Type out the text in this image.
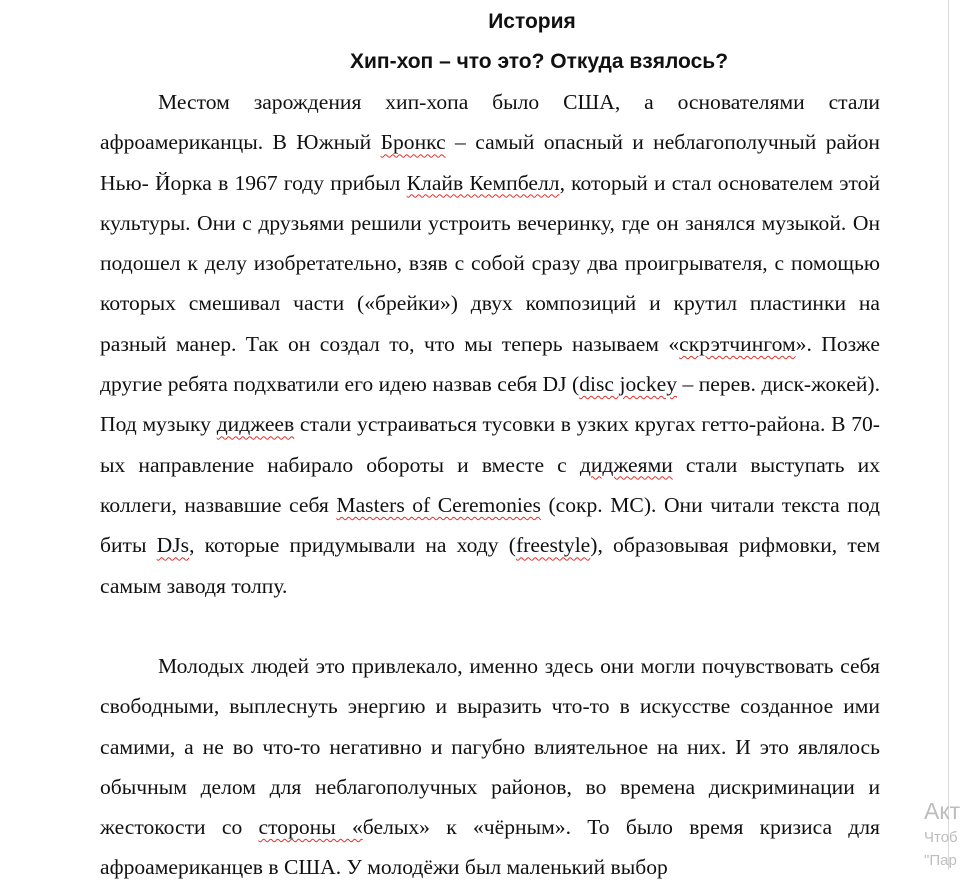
История

Хип-хоп – что это? Откуда взялось?

Местом зарождения хип-хопа было США, а основателями стали афроамериканцы. В Южный Бронкс – самый опасный и неблагополучный район Нью- Йорка в 1967 году прибыл Клайв Кемпбелл, который и стал основателем этой культуры. Они с друзьями решили устроить вечеринку, где он занялся музыкой. Он подошел к делу изобретательно, взяв с собой сразу два проигрывателя, с помощью которых смешивал части («брейки») двух композиций и крутил пластинки на разный манер. Так он создал то, что мы теперь называем «скрэтчингом». Позже другие ребята подхватили его идею назвав себя DJ (disc jockey – перев. диск-жокей). Под музыку диджеев стали устраиваться тусовки в узких кругах гетто-района. В 70-ых направление набирало обороты и вместе с диджеями стали выступать их коллеги, назвавшие себя Masters of Ceremonies (сокр. MC). Они читали текста под биты DJs, которые придумывали на ходу (freestyle), образовывая рифмовки, тем самым заводя толпу.

Молодых людей это привлекало, именно здесь они могли почувствовать себя свободными, выплеснуть энергию и выразить что-то в искусстве созданное ими самими, а не во что-то негативно и пагубно влиятельное на них. И это являлось обычным делом для неблагополучных районов, во времена дискриминации и жестокости со стороны «белых» к «чёрным». То было время кризиса для афроамериканцев в США. У молодёжи был маленький выбор

Акт
Чтоб
"Пар
